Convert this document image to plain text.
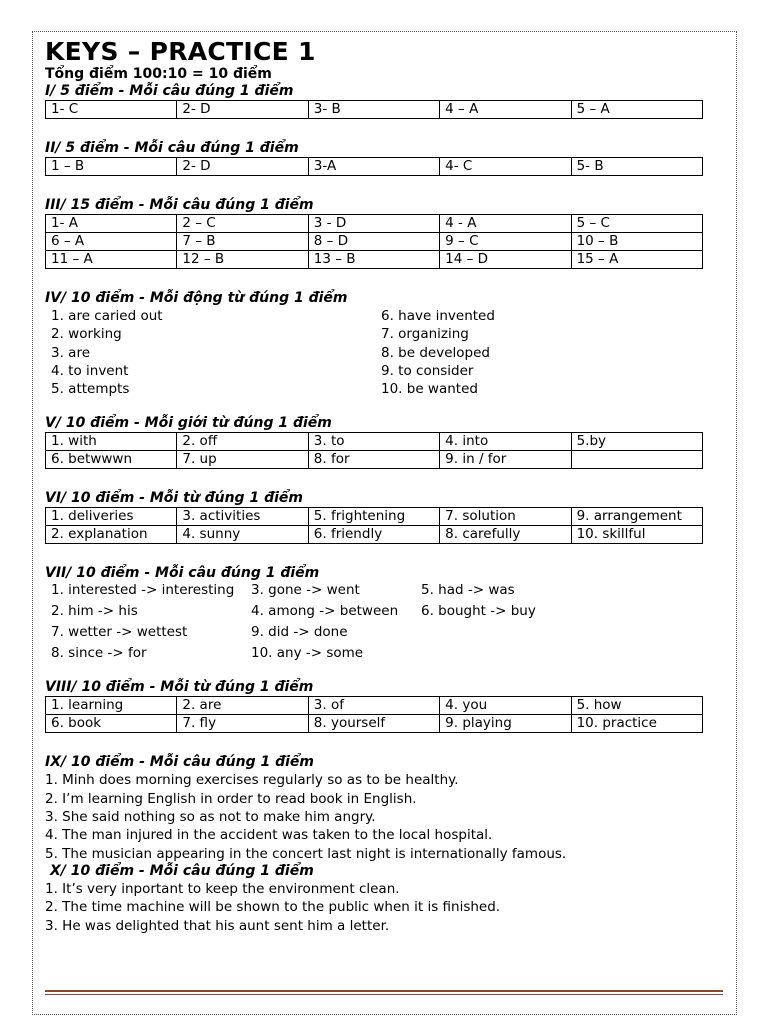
KEYS – PRACTICE 1
Tổng điểm 100:10 = 10 điểm
I/ 5 điểm - Mỗi câu đúng 1 điểm
1- C	2- D	3- B	4 – A	5 – A
II/ 5 điểm - Mỗi câu đúng 1 điểm
1 – B	2- D	3-A	4- C	5- B
III/ 15 điểm - Mỗi câu đúng 1 điểm
1- A	2 – C	3 - D	4 - A	5 – C
6 – A	7 – B	8 – D	9 – C	10 – B
11 – A	12 – B	13 – B	14 – D	15 – A
IV/ 10 điểm - Mỗi động từ đúng 1 điểm
1. are caried out	6. have invented
2. working	7. organizing
3. are	8. be developed
4. to invent	9. to consider
5. attempts	10. be wanted
V/ 10 điểm - Mỗi giới từ đúng 1 điểm
1. with	2. off	3. to	4. into	5.by
6. betwwwn	7. up	8. for	9. in / for	
VI/ 10 điểm - Mỗi từ đúng 1 điểm
1. deliveries	3. activities	5. frightening	7. solution	9. arrangement
2. explanation	4. sunny	6. friendly	8. carefully	10. skillful
VII/ 10 điểm - Mỗi câu đúng 1 điểm
1. interested -> interesting	3. gone -> went	5. had -> was
2. him -> his	4. among -> between	6. bought -> buy
7. wetter -> wettest	9. did -> done
8. since -> for	10. any -> some
VIII/ 10 điểm - Mỗi từ đúng 1 điểm
1. learning	2. are	3. of	4. you	5. how
6. book	7. fly	8. yourself	9. playing	10. practice
IX/ 10 điểm - Mỗi câu đúng 1 điểm
1. Minh does morning exercises regularly so as to be healthy.
2. I’m learning English in order to read book in English.
3. She said nothing so as not to make him angry.
4. The man injured in the accident was taken to the local hospital.
5. The musician appearing in the concert last night is internationally famous.
X/ 10 điểm - Mỗi câu đúng 1 điểm
1. It’s very inportant to keep the environment clean.
2. The time machine will be shown to the public when it is finished.
3. He was delighted that his aunt sent him a letter.
